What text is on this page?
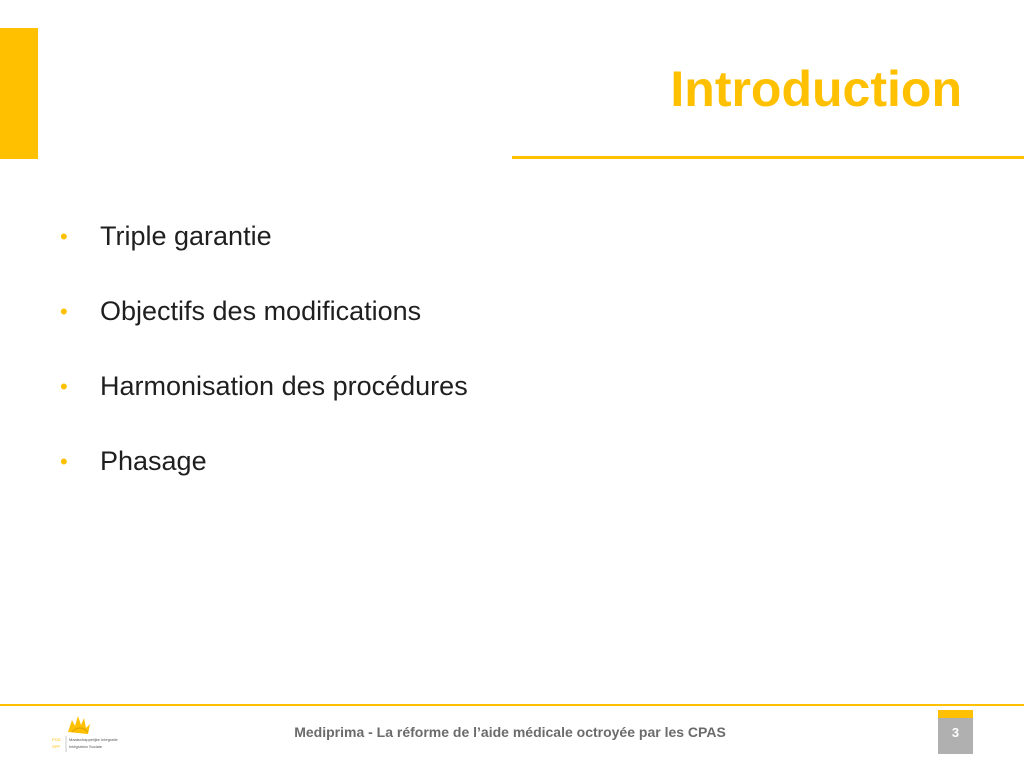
Introduction
•	Triple garantie
•	Objectifs des modifications
•	Harmonisation des procédures
•	Phasage
POD
SPP
Maatschappelijke Integratie
Intégration Sociale
Mediprima - La réforme de l’aide médicale octroyée par les CPAS	3
